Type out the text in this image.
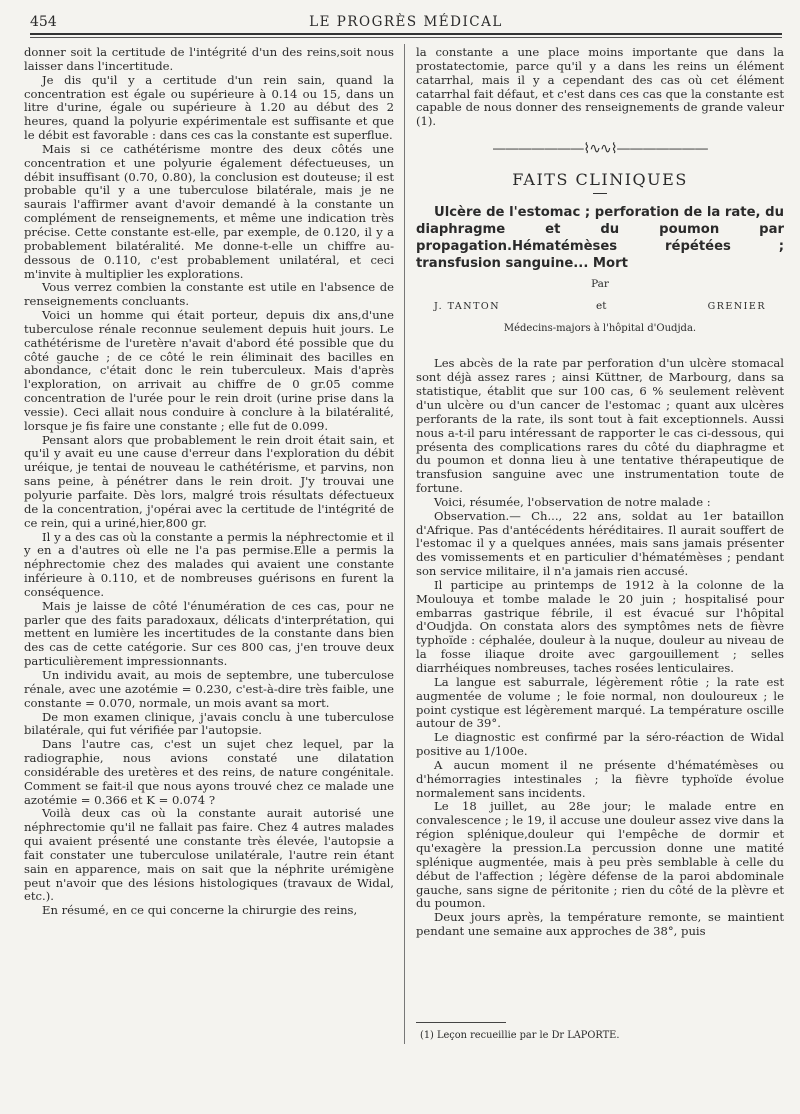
454	LE PROGRÈS MÉDICAL

donner soit la certitude de l'intégrité d'un des reins,soit nous laisser dans l'incertitude.

Je dis qu'il y a certitude d'un rein sain, quand la concentration est égale ou supérieure à 0.14 ou 15, dans un litre d'urine, égale ou supérieure à 1.20 au début des 2 heures, quand la polyurie expérimentale est suffisante et que le débit est favorable : dans ces cas la constante est superflue.

Mais si ce cathétérisme montre des deux côtés une concentration et une polyurie également défectueuses, un débit insuffisant (0.70, 0.80), la conclusion est douteuse; il est probable qu'il y a une tuberculose bilatérale, mais je ne saurais l'affirmer avant d'avoir demandé à la constante un complément de renseignements, et même une indication très précise. Cette constante est-elle, par exemple, de 0.120, il y a probablement bilatéralité. Me donne-t-elle un chiffre au-dessous de 0.110, c'est probablement unilatéral, et ceci m'invite à multiplier les explorations.

Vous verrez combien la constante est utile en l'absence de renseignements concluants.

Voici un homme qui était porteur, depuis dix ans,d'une tuberculose rénale reconnue seulement depuis huit jours. Le cathétérisme de l'uretère n'avait d'abord été possible que du côté gauche ; de ce côté le rein éliminait des bacilles en abondance, c'était donc le rein tuberculeux. Mais d'après l'exploration, on arrivait au chiffre de 0 gr.05 comme concentration de l'urée pour le rein droit (urine prise dans la vessie). Ceci allait nous conduire à conclure à la bilatéralité, lorsque je fis faire une constante ; elle fut de 0.099.

Pensant alors que probablement le rein droit était sain, et qu'il y avait eu une cause d'erreur dans l'exploration du débit uréique, je tentai de nouveau le cathétérisme, et parvins, non sans peine, à pénétrer dans le rein droit. J'y trouvai une polyurie parfaite. Dès lors, malgré trois résultats défectueux de la concentration, j'opérai avec la certitude de l'intégrité de ce rein, qui a uriné,hier,800 gr.

Il y a des cas où la constante a permis la néphrectomie et il y en a d'autres où elle ne l'a pas permise.Elle a permis la néphrectomie chez des malades qui avaient une constante inférieure à 0.110, et de nombreuses guérisons en furent la conséquence.

Mais je laisse de côté l'énumération de ces cas, pour ne parler que des faits paradoxaux, délicats d'interprétation, qui mettent en lumière les incertitudes de la constante dans bien des cas de cette catégorie. Sur ces 800 cas, j'en trouve deux particulièrement impressionnants.

Un individu avait, au mois de septembre, une tuberculose rénale, avec une azotémie = 0.230, c'est-à-dire très faible, une constante = 0.070, normale, un mois avant sa mort.

De mon examen clinique, j'avais conclu à une tuberculose bilatérale, qui fut vérifiée par l'autopsie.

Dans l'autre cas, c'est un sujet chez lequel, par la radiographie, nous avions constaté une dilatation considérable des uretères et des reins, de nature congénitale. Comment se fait-il que nous ayons trouvé chez ce malade une azotémie = 0.366 et K = 0.074 ?

Voilà deux cas où la constante aurait autorisé une néphrectomie qu'il ne fallait pas faire. Chez 4 autres malades qui avaient présenté une constante très élevée, l'autopsie a fait constater une tuberculose unilatérale, l'autre rein étant sain en apparence, mais on sait que la néphrite urémigène peut n'avoir que des lésions histologiques (travaux de Widal, etc.).

En résumé, en ce qui concerne la chirurgie des reins,

la constante a une place moins importante que dans la prostatectomie, parce qu'il y a dans les reins un élément catarrhal, mais il y a cependant des cas où cet élément catarrhal fait défaut, et c'est dans ces cas que la constante est capable de nous donner des renseignements de grande valeur (1).

———————⌇∿∿⌇———————
FAITS CLINIQUES

Ulcère de l'estomac ; perforation de la rate, du diaphragme et du poumon par propagation.Hématémèses répétées ; transfusion sanguine... Mort

Par
J. TANTON	et	GRENIER
Médecins-majors à l'hôpital d'Oudjda.

Les abcès de la rate par perforation d'un ulcère stomacal sont déjà assez rares ; ainsi Küttner, de Marbourg, dans sa statistique, établit que sur 100 cas, 6 % seulement relèvent d'un ulcère ou d'un cancer de l'estomac ; quant aux ulcères perforants de la rate, ils sont tout à fait exceptionnels. Aussi nous a-t-il paru intéressant de rapporter le cas ci-dessous, qui présenta des complications rares du côté du diaphragme et du poumon et donna lieu à une tentative thérapeutique de transfusion sanguine avec une instrumentation toute de fortune.

Voici, résumée, l'observation de notre malade :

Observation.— Ch..., 22 ans, soldat au 1er bataillon d'Afrique. Pas d'antécédents héréditaires. Il aurait souffert de l'estomac il y a quelques années, mais sans jamais présenter des vomissements et en particulier d'hématémèses ; pendant son service militaire, il n'a jamais rien accusé.

Il participe au printemps de 1912 à la colonne de la Moulouya et tombe malade le 20 juin ; hospitalisé pour embarras gastrique fébrile, il est évacué sur l'hôpital d'Oudjda. On constata alors des symptômes nets de fièvre typhoïde : céphalée, douleur à la nuque, douleur au niveau de la fosse iliaque droite avec gargouillement ; selles diarrhéiques nombreuses, taches rosées lenticulaires.

La langue est saburrale, légèrement rôtie ; la rate est augmentée de volume ; le foie normal, non douloureux ; le point cystique est légèrement marqué. La température oscille autour de 39°.

Le diagnostic est confirmé par la séro-réaction de Widal positive au 1/100e.

A aucun moment il ne présente d'hématémèses ou d'hémorragies intestinales ; la fièvre typhoïde évolue normalement sans incidents.

Le 18 juillet, au 28e jour; le malade entre en convalescence ; le 19, il accuse une douleur assez vive dans la région splénique,douleur qui l'empêche de dormir et qu'exagère la pression.La percussion donne une matité splénique augmentée, mais à peu près semblable à celle du début de l'affection ; légère défense de la paroi abdominale gauche, sans signe de péritonite ; rien du côté de la plèvre et du poumon.

Deux jours après, la température remonte, se maintient pendant une semaine aux approches de 38°, puis

(1) Leçon recueillie par le Dr LAPORTE.
